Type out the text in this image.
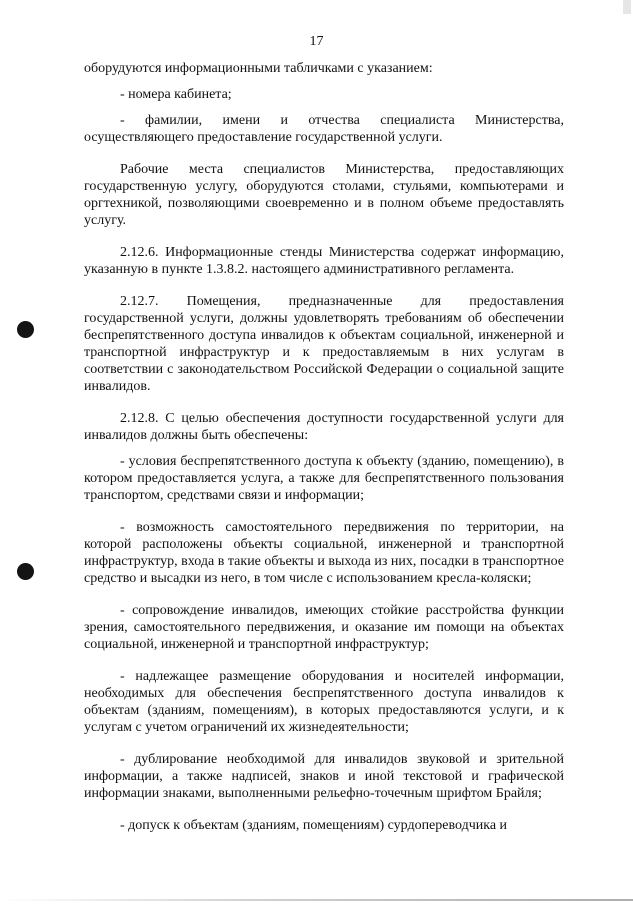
17

оборудуются информационными табличками с указанием:

- номера кабинета;

- фамилии, имени и отчества специалиста Министерства, осуществляющего предоставление государственной услуги.

Рабочие места специалистов Министерства, предоставляющих государственную услугу, оборудуются столами, стульями, компьютерами и оргтехникой, позволяющими своевременно и в полном объеме предоставлять услугу.

2.12.6. Информационные стенды Министерства содержат информацию, указанную в пункте 1.3.8.2. настоящего административного регламента.

2.12.7. Помещения, предназначенные для предоставления государственной услуги, должны удовлетворять требованиям об обеспечении беспрепятственного доступа инвалидов к объектам социальной, инженерной и транспортной инфраструктур и к предоставляемым в них услугам в соответствии с законодательством Российской Федерации о социальной защите инвалидов.

2.12.8. С целью обеспечения доступности государственной услуги для инвалидов должны быть обеспечены:

- условия беспрепятственного доступа к объекту (зданию, помещению), в котором предоставляется услуга, а также для беспрепятственного пользования транспортом, средствами связи и информации;

- возможность самостоятельного передвижения по территории, на которой расположены объекты социальной, инженерной и транспортной инфраструктур, входа в такие объекты и выхода из них, посадки в транспортное средство и высадки из него, в том числе с использованием кресла-коляски;

- сопровождение инвалидов, имеющих стойкие расстройства функции зрения, самостоятельного передвижения, и оказание им помощи на объектах социальной, инженерной и транспортной инфраструктур;

- надлежащее размещение оборудования и носителей информации, необходимых для обеспечения беспрепятственного доступа инвалидов к объектам (зданиям, помещениям), в которых предоставляются услуги, и к услугам с учетом ограничений их жизнедеятельности;

- дублирование необходимой для инвалидов звуковой и зрительной информации, а также надписей, знаков и иной текстовой и графической информации знаками, выполненными рельефно-точечным шрифтом Брайля;

- допуск к объектам (зданиям, помещениям) сурдопереводчика и
